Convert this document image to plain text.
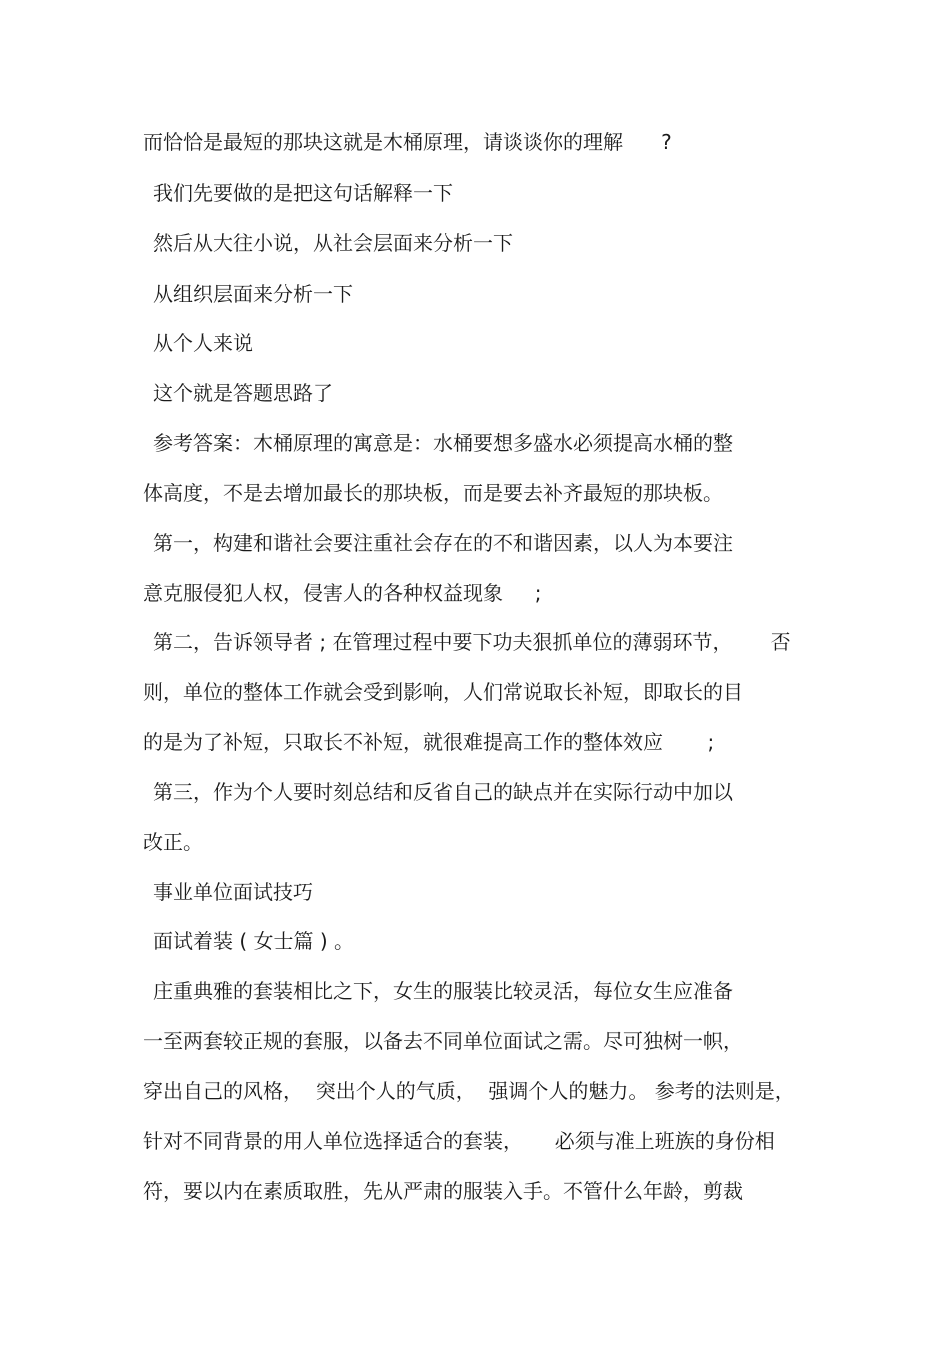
而恰恰是最短的那块这就是木桶原理，请谈谈你的理解      ?

我们先要做的是把这句话解释一下

然后从大往小说，从社会层面来分析一下

从组织层面来分析一下

从个人来说

这个就是答题思路了

参考答案：木桶原理的寓意是：水桶要想多盛水必须提高水桶的整

体高度，不是去增加最长的那块板，而是要去补齐最短的那块板。

第一，构建和谐社会要注重社会存在的不和谐因素，以人为本要注

意克服侵犯人权，侵害人的各种权益现象     ;

第二，告诉领导者 ; 在管理过程中要下功夫狠抓单位的薄弱环节，      否

则，单位的整体工作就会受到影响，人们常说取长补短，即取长的目

的是为了补短，只取长不补短，就很难提高工作的整体效应       ;

第三，作为个人要时刻总结和反省自己的缺点并在实际行动中加以

改正。

事业单位面试技巧

面试着装 ( 女士篇 ) 。

庄重典雅的套装相比之下，女生的服装比较灵活，每位女生应准备

一至两套较正规的套服，以备去不同单位面试之需。尽可独树一帜，

穿出自己的风格，  突出个人的气质，  强调个人的魅力。 参考的法则是，

针对不同背景的用人单位选择适合的套装，     必须与准上班族的身份相

符，要以内在素质取胜，先从严肃的服装入手。不管什么年龄，剪裁
